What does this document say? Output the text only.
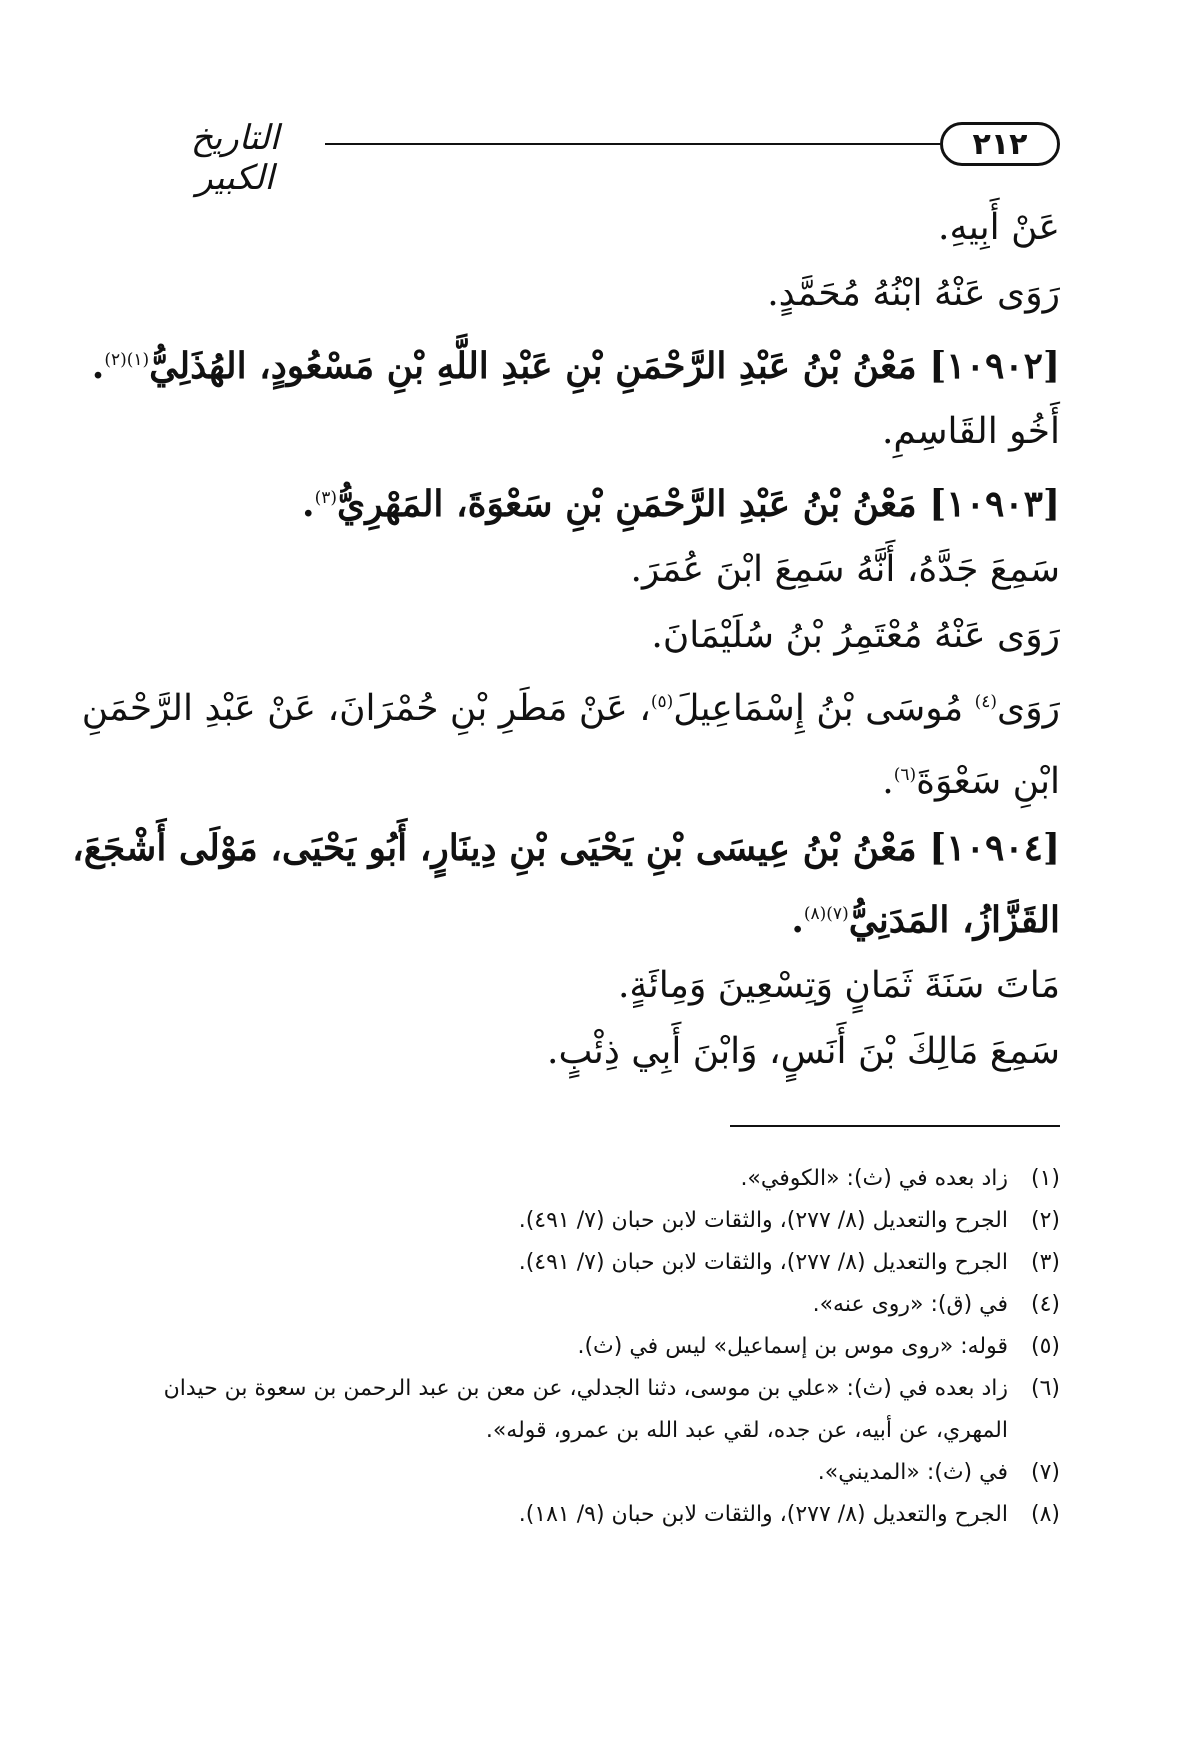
٢١٢
التاريخ الكبير
عَنْ أَبِيهِ.
رَوَى عَنْهُ ابْنُهُ مُحَمَّدٍ.
[١٠٩٠٢] مَعْنُ بْنُ عَبْدِ الرَّحْمَنِ بْنِ عَبْدِ اللَّهِ بْنِ مَسْعُودٍ، الهُذَلِيُّ$^{(١)(٢)}$.
أَخُو القَاسِمِ.
[١٠٩٠٣] مَعْنُ بْنُ عَبْدِ الرَّحْمَنِ بْنِ سَعْوَةَ، المَهْرِيُّ$^{(٣)}$.
سَمِعَ جَدَّهُ، أَنَّهُ سَمِعَ ابْنَ عُمَرَ.
رَوَى عَنْهُ مُعْتَمِرُ بْنُ سُلَيْمَانَ.
رَوَى$^{(٤)}$ مُوسَى بْنُ إِسْمَاعِيلَ$^{(٥)}$، عَنْ مَطَرِ بْنِ حُمْرَانَ، عَنْ عَبْدِ الرَّحْمَنِ
ابْنِ سَعْوَةَ$^{(٦)}$.
[١٠٩٠٤] مَعْنُ بْنُ عِيسَى بْنِ يَحْيَى بْنِ دِينَارٍ، أَبُو يَحْيَى، مَوْلَى أَشْجَعَ،
القَزَّازُ، المَدَنِيُّ$^{(٧)(٨)}$.
مَاتَ سَنَةَ ثَمَانٍ وَتِسْعِينَ وَمِائَةٍ.
سَمِعَ مَالِكَ بْنَ أَنَسٍ، وَابْنَ أَبِي ذِئْبٍ.
(١)
زاد بعده في (ث): «الكوفي».
(٢)
الجرح والتعديل (٨/ ٢٧٧)، والثقات لابن حبان (٧/ ٤٩١).
(٣)
الجرح والتعديل (٨/ ٢٧٧)، والثقات لابن حبان (٧/ ٤٩١).
(٤)
في (ق): «روى عنه».
(٥)
قوله: «روى موس بن إسماعيل» ليس في (ث).
(٦)
زاد بعده في (ث): «علي بن موسى، دثنا الجدلي، عن معن بن عبد الرحمن بن سعوة بن حيدان المهري، عن أبيه، عن جده، لقي عبد الله بن عمرو، قوله».
(٧)
في (ث): «المديني».
(٨)
الجرح والتعديل (٨/ ٢٧٧)، والثقات لابن حبان (٩/ ١٨١).
